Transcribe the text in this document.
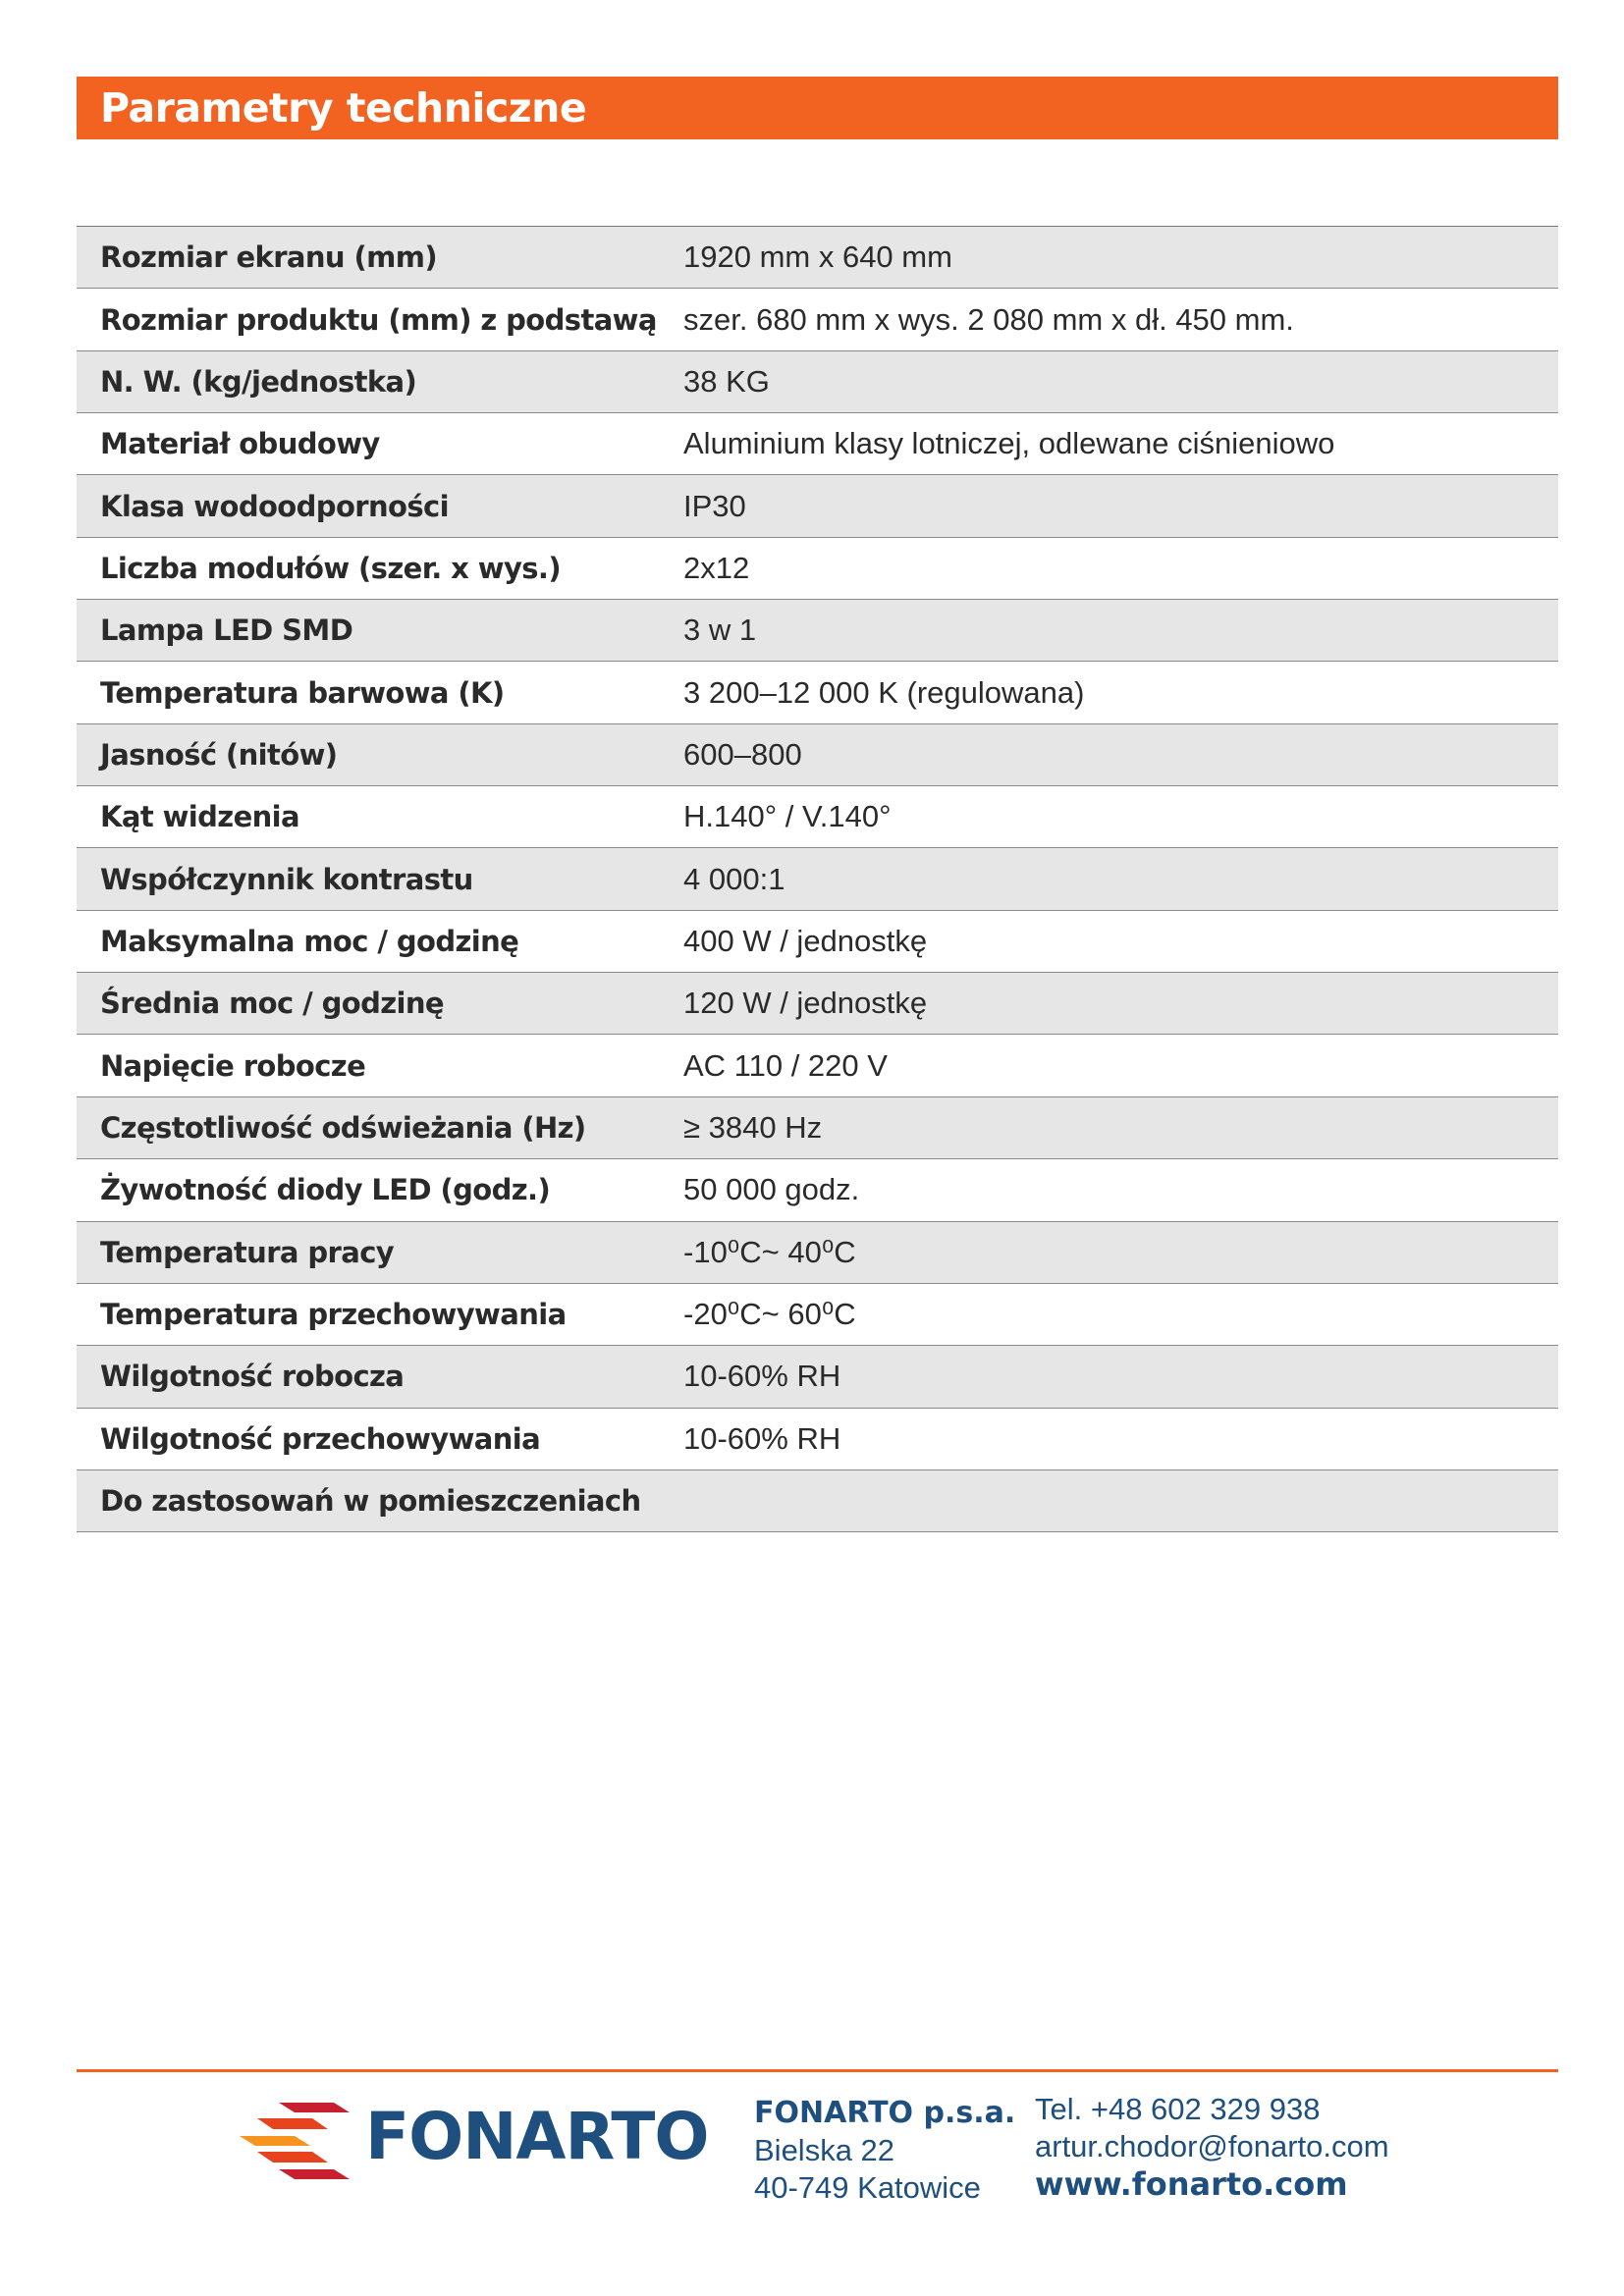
Parametry techniczne
Rozmiar ekranu (mm)	1920 mm x 640 mm
Rozmiar produktu (mm) z podstawą	szer. 680 mm x wys. 2 080 mm x dł. 450 mm.
N. W. (kg/jednostka)	38 KG
Materiał obudowy	Aluminium klasy lotniczej, odlewane ciśnieniowo
Klasa wodoodporności	IP30
Liczba modułów (szer. x wys.)	2x12
Lampa LED SMD	3 w 1
Temperatura barwowa (K)	3 200–12 000 K (regulowana)
Jasność (nitów)	600–800
Kąt widzenia	H.140° / V.140°
Współczynnik kontrastu	4 000:1
Maksymalna moc / godzinę	400 W / jednostkę
Średnia moc / godzinę	120 W / jednostkę
Napięcie robocze	AC 110 / 220 V
Częstotliwość odświeżania (Hz)	≥ 3840 Hz
Żywotność diody LED (godz.)	50 000 godz.
Temperatura pracy	-10⁰C~ 40⁰C
Temperatura przechowywania	-20⁰C~ 60⁰C
Wilgotność robocza	10-60% RH
Wilgotność przechowywania	10-60% RH
Do zastosowań w pomieszczeniach	
FONARTO FONARTO p.s.a.
Bielska 22
40-749 Katowice
Tel. +48 602 329 938
artur.chodor@fonarto.com
www.fonarto.com
